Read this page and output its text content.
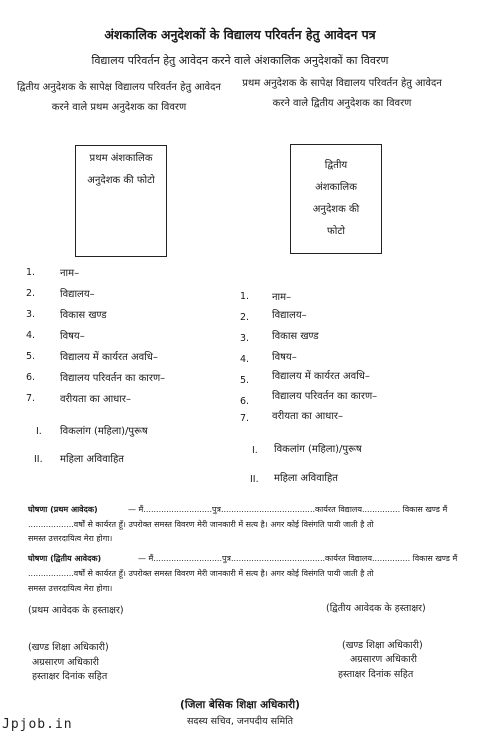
अंशकालिक अनुदेशकों के विद्यालय परिवर्तन हेतु आवेदन पत्र
विद्यालय परिवर्तन हेतु आवेदन करने वाले अंशकालिक अनुदेशकों का विवरण
द्वितीय अनुदेशक के सापेक्ष विद्यालय परिवर्तन हेतु आवेदन करने वाले प्रथम अनुदेशक का विवरण
प्रथम अनुदेशक के सापेक्ष विद्यालय परिवर्तन हेतु आवेदन करने वाले द्वितीय अनुदेशक का विवरण
प्रथम अंशकालिक अनुदेशक की फोटो
द्वितीय अंशकालिक अनुदेशक की फोटो
1. नाम–
2. विद्यालय–
3. विकास खण्ड
4. विषय–
5. विद्यालय में कार्यरत अवधि–
6. विद्यालय परिवर्तन का कारण–
7. वरीयता का आधार–
I. विकलांग (महिला)/पुरूष
II. महिला अविवाहित
1. नाम–
2. विद्यालय–
3. विकास खण्ड
4. विषय–
5. विद्यालय में कार्यरत अवधि–
6. विद्यालय परिवर्तन का कारण–
7. वरीयता का आधार–
I. विकलांग (महिला)/पुरूष
II. महिला अविवाहित
घोषणा (प्रथम आवेदक)	— मैं...........................पुत्र.....................................कार्यरत विद्यालय............... विकास खण्ड मैं
..................वर्षों से कार्यरत हूँ। उपरोक्त समस्त विवरण मेरी जानकारी में सत्य है। अगर कोई विसंगति पायी जाती है तो
समस्त उत्तरदायित्व मेरा होगा।
घोषणा (द्वितीय आवेदक)	— मैं...........................पुत्र.....................................कार्यरत विद्यालय............... विकास खण्ड मैं
..................वर्षों से कार्यरत हूँ। उपरोक्त समस्त विवरण मेरी जानकारी में सत्य है। अगर कोई विसंगति पायी जाती है तो
समस्त उत्तरदायित्व मेरा होगा।
(प्रथम आवेदक के हस्ताक्षर)	(द्वितीय आवेदक के हस्ताक्षर)
(खण्ड शिक्षा अधिकारी)
अग्रसारण अधिकारी
हस्ताक्षर दिनांक सहित
(खण्ड शिक्षा अधिकारी)
अग्रसारण अधिकारी
हस्ताक्षर दिनांक सहित
(जिला बेसिक शिक्षा अधिकारी)
सदस्य सचिव, जनपदीय समिति
Jpjob.in
